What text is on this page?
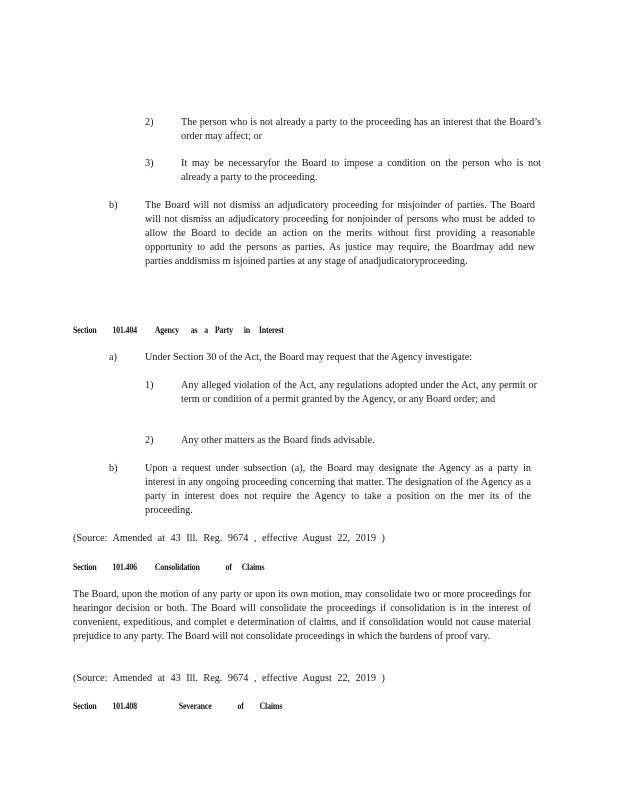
2)	The person who is not already a party to the proceeding has an interest that the Board’s order may affect; or
3)	It may be necessaryfor the Board to impose a condition on the person who is not already a party to the proceeding.
b)	The Board will not dismiss an adjudicatory proceeding for misjoinder of parties. The Board will not dismiss an adjudicatory proceeding for nonjoinder of persons who must be added to allow the Board to decide an action on the merits without first providing a reasonable opportunity to add the persons as parties. As justice may require, the Boardmay add new parties anddismiss m isjoined parties at any stage of anadjudicatoryproceeding.
Section 101.404 Agency as a Party in Interest
a)	Under Section 30 of the Act, the Board may request that the Agency investigate:
1)	Any alleged violation of the Act, any regulations adopted under the Act, any permit or term or condition of a permit granted by the Agency, or any Board order; and
2)	Any other matters as the Board finds advisable.
b)	Upon a request under subsection (a), the Board may designate the Agency as a party in interest in any ongoing proceeding concerning that matter. The designation of the Agency as a party in interest does not require the Agency to take a position on the mer its of the proceeding.
(Source: Amended at 43 Ill. Reg. 9674 , effective August 22, 2019 )
Section 101.406 Consolidation	of Claims
The Board, upon the motion of any party or upon its own motion, may consolidate two or more proceedings for hearingor decision or both. The Board will consolidate the proceedings if consolidation is in the interest of convenient, expeditious, and complet e determination of claims, and if consolidation would not cause material prejudice to any party. The Board will not consolidate proceedings in which the burdens of proof vary.
(Source: Amended at 43 Ill. Reg. 9674 , effective August 22, 2019 )
Section 101.408	Severance	of Claims
